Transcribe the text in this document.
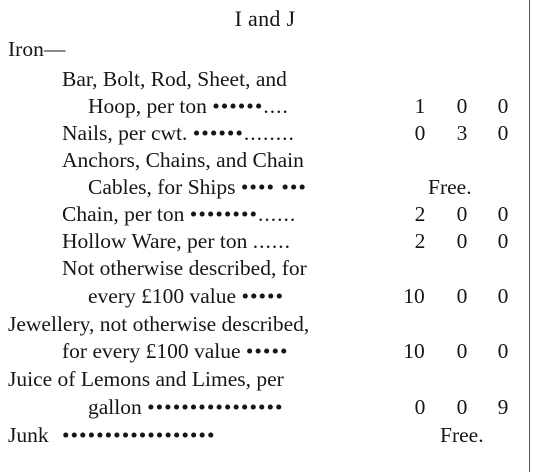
I and J
Iron—
Bar, Bolt, Rod, Sheet, and
Hoop, per ton ••••••....	1	0	0
Nails, per cwt. ••••••........	0	3	0
Anchors, Chains, and Chain
Cables, for Ships •••• •••	Free.
Chain, per ton ••••••••......	2	0	0
Hollow Ware, per ton ......	2	0	0
Not otherwise described, for
every £100 value •••••	10	0	0
Jewellery, not otherwise described,
for every £100 value •••••	10	0	0
Juice of Lemons and Limes, per
gallon ••••••••••••••••	0	0	9
Junk ••••••••••••••••••	Free.
